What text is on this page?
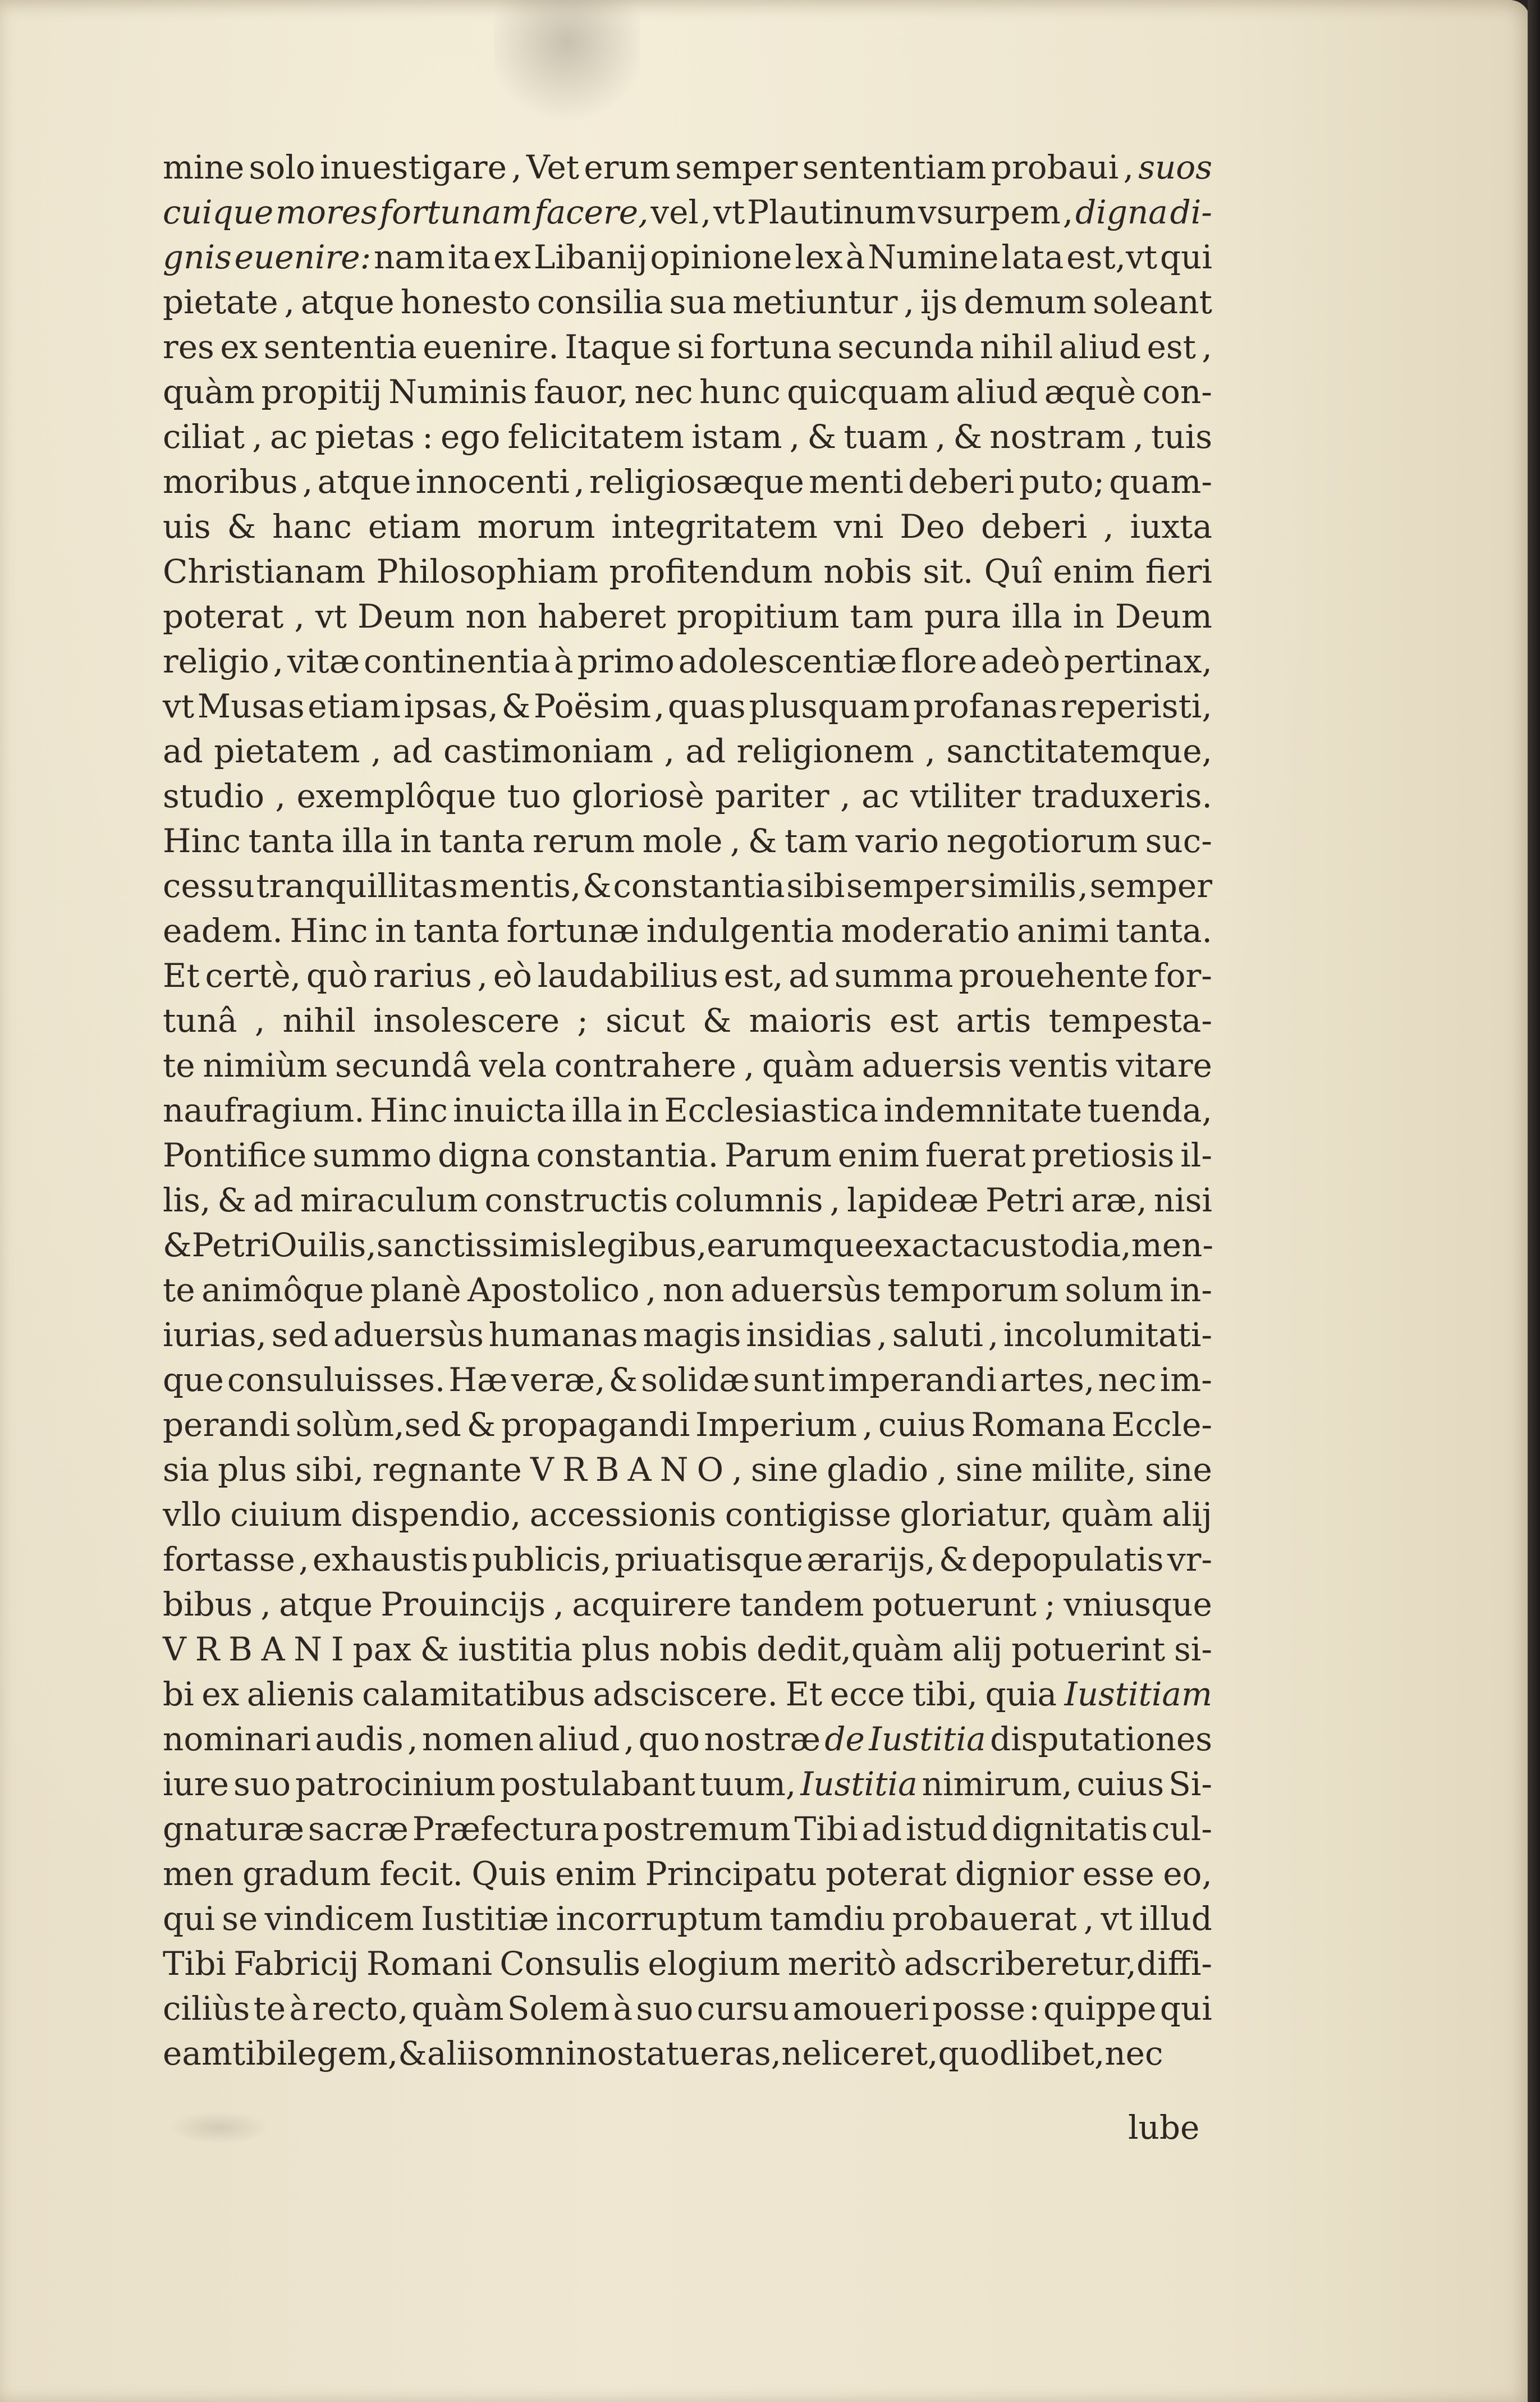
mine solo inuestigare , Vet erum semper sententiam probaui , suos
cuique mores fortunam facere, vel , vt Plautinum vsurpem , digna di-
gnis euenire: nam ita ex Libanij opinione lex à Numine lata est,vt qui
pietate , atque honesto consilia sua metiuntur , ijs demum soleant
res ex sententia euenire. Itaque si fortuna secunda nihil aliud est ,
quàm propitij Numinis fauor, nec hunc quicquam aliud æquè con-
ciliat , ac pietas : ego felicitatem istam , & tuam , & nostram , tuis
moribus , atque innocenti , religiosæque menti deberi puto; quam-
uis & hanc etiam morum integritatem vni Deo deberi , iuxta
Christianam Philosophiam profitendum nobis sit. Quî enim fieri
poterat , vt Deum non haberet propitium tam pura illa in Deum
religio , vitæ continentia à primo adolescentiæ flore adeò pertinax,
vt Musas etiam ipsas, & Poësim , quas plusquam profanas reperisti,
ad pietatem , ad castimoniam , ad religionem , sanctitatemque,
studio , exemplôque tuo gloriosè pariter , ac vtiliter traduxeris.
Hinc tanta illa in tanta rerum mole , & tam vario negotiorum suc-
cessu tranquillitas mentis, & constantia sibi semper similis , semper
eadem. Hinc in tanta fortunæ indulgentia moderatio animi tanta.
Et certè, quò rarius , eò laudabilius est, ad summa prouehente for-
tunâ , nihil insolescere ; sicut & maioris est artis tempesta-
te nimiùm secundâ vela contrahere , quàm aduersis ventis vitare
naufragium. Hinc inuicta illa in Ecclesiastica indemnitate tuenda,
Pontifice summo digna constantia. Parum enim fuerat pretiosis il-
lis, & ad miraculum constructis columnis , lapideæ Petri aræ, nisi
& Petri Ouilis,sanctissimis legibus,earumque exacta custodia,men-
te animôque planè Apostolico , non aduersùs temporum solum in-
iurias, sed aduersùs humanas magis insidias , saluti , incolumitati-
que consuluisses. Hæ veræ, & solidæ sunt imperandi artes, nec im-
perandi solùm,sed & propagandi Imperium , cuius Romana Eccle-
sia plus sibi, regnante V R B A N O , sine gladio , sine milite, sine
vllo ciuium dispendio, accessionis contigisse gloriatur, quàm alij
fortasse , exhaustis publicis, priuatisque ærarijs, & depopulatis vr-
bibus , atque Prouincijs , acquirere tandem potuerunt ; vniusque
V R B A N I pax & iustitia plus nobis dedit,quàm alij potuerint si-
bi ex alienis calamitatibus adsciscere. Et ecce tibi, quia Iustitiam
nominari audis , nomen aliud , quo nostræ de Iustitia disputationes
iure suo patrocinium postulabant tuum, Iustitia nimirum, cuius Si-
gnaturæ sacræ Præfectura postremum Tibi ad istud dignitatis cul-
men gradum fecit. Quis enim Principatu poterat dignior esse eo,
qui se vindicem Iustitiæ incorruptum tamdiu probauerat , vt illud
Tibi Fabricij Romani Consulis elogium meritò adscriberetur,diffi-
ciliùs te à recto, quàm Solem à suo cursu amoueri posse : quippe qui
eam tibi legem, & aliis omnino statueras,ne liceret, quod libet,nec
lube
